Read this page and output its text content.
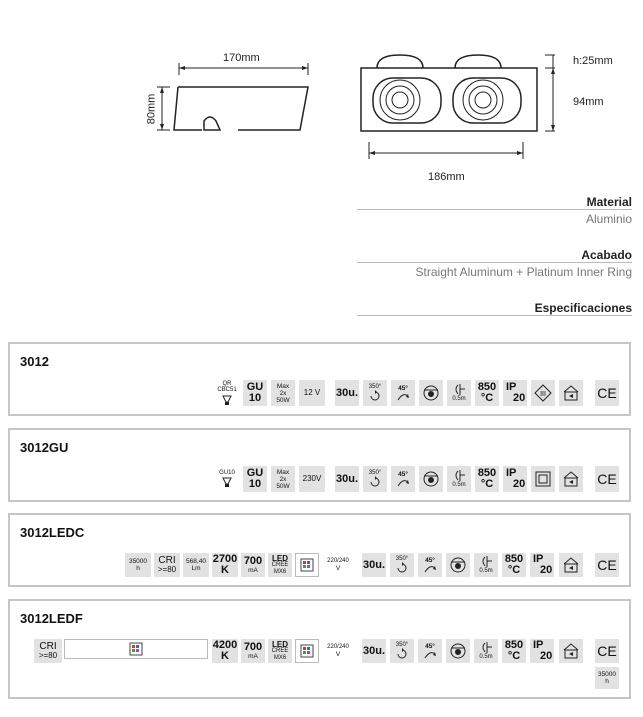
170mm
80mm
h:25mm
94mm
186mm
Material
Aluminio
Acabado
Straight Aluminum + Platinum Inner Ring
Especificaciones
3012
QR CBC51 GU 10
Max
2x
50W
12 V 30u. 350°	45°
0.5m
850
°C
IP
20 III	CE
3012GU
GU10 GU 10
Max
2x
50W
230V 30u. 350°	45°
0.5m
850
°C
IP
20	CE
3012LEDC
35000
h
CRI
>=80
568,40
Lm
2700
K
700
mA
LED
CREE
MX6
220/240
V 30u. 350°	45°
0.5m
850
°C
IP
20	CE
3012LEDF
CRI
>=80
4200
K
700
mA
LED
CREE
MX6
220/240
V 30u. 350°	45°
0.5m
850
°C
IP
20	CE
35000
h
